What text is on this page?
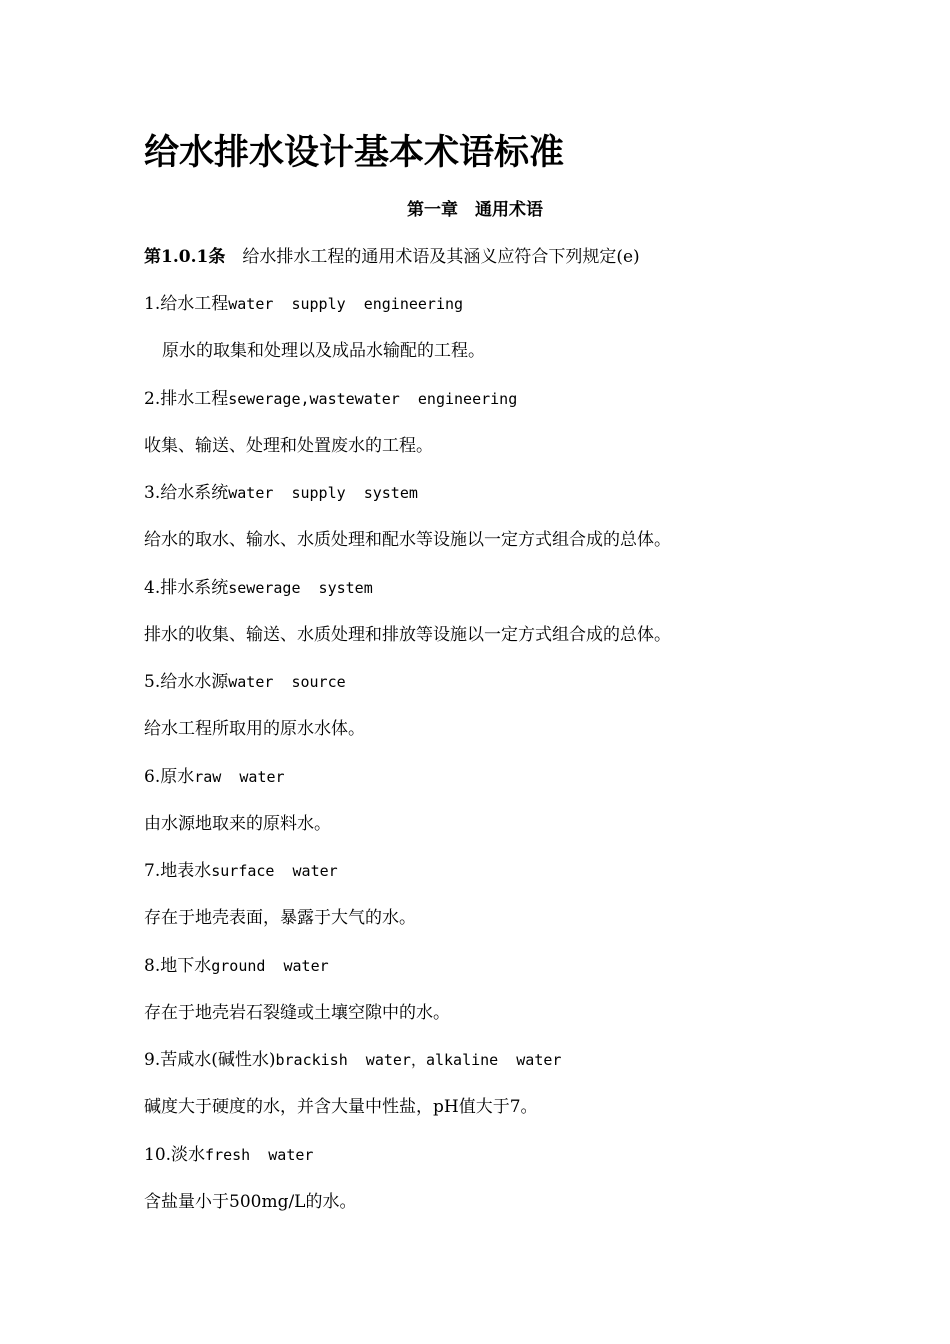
给水排水设计基本术语标准
第一章　通用术语
第1.0.1条　 给水排水工程的通用术语及其涵义应符合下列规定(e)
1.给水工程water  supply  engineering
原水的取集和处理以及成品水输配的工程。
2.排水工程sewerage,wastewater  engineering
收集、输送、处理和处置废水的工程。
3.给水系统water  supply  system
给水的取水、输水、水质处理和配水等设施以一定方式组合成的总体。
4.排水系统sewerage  system
排水的收集、输送、水质处理和排放等设施以一定方式组合成的总体。
5.给水水源water  source
给水工程所取用的原水水体。
6.原水raw  water
由水源地取来的原料水。
7.地表水surface  water
存在于地壳表面，暴露于大气的水。
8.地下水ground  water
存在于地壳岩石裂缝或土壤空隙中的水。
9.苦咸水(碱性水)brackish  water，alkaline  water
碱度大于硬度的水，并含大量中性盐，pH值大于7。
10.淡水fresh  water
含盐量小于500mg/L的水。
